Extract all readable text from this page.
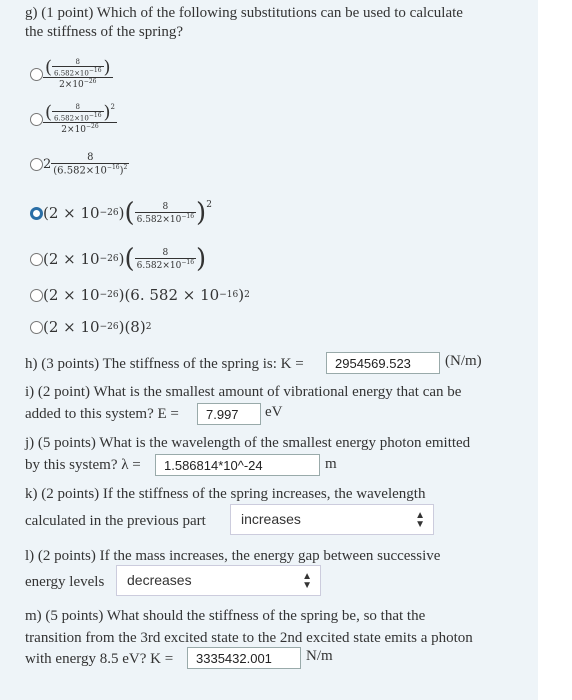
g) (1 point) Which of the following substitutions can be used to calculate
the stiffness of the spring?
( $\frac{8}{6.582\times 10^{-16}}$ )
$2\times 10^{-26}$
( $\frac{8}{6.582\times 10^{-16}} )^2$
$2\times 10^{-26}$
$2 \frac{8}{(6.582\times 10^{-16})^2}$
(2 × 10 −26 ) ( $\frac{8}{6.582\times 10^{-16}} )^2$
(2 × 10 −26 ) ( $\frac{8}{6.582\times 10^{-16}}$ )
(2 × 10 −26 )(6. 582 × 10 −16 ) 2
(2 × 10 −26 )(8) 2
h) (3 points) The stiffness of the spring is: K =	2954569.523	(N/m)
i) (2 point) What is the smallest amount of vibrational energy that can be
added to this system? E =	7.997	eV
j) (5 points) What is the wavelength of the smallest energy photon emitted
by this system? λ =	1.586814*10^-24	m
k) (2 points) If the stiffness of the spring increases, the wavelength
calculated in the previous part	increases	▲
▼
l) (2 points) If the mass increases, the energy gap between successive
energy levels	decreases	▲
▼
m) (5 points) What should the stiffness of the spring be, so that the
transition from the 3rd excited state to the 2nd excited state emits a photon
with energy 8.5 eV? K =	3335432.001	N/m
